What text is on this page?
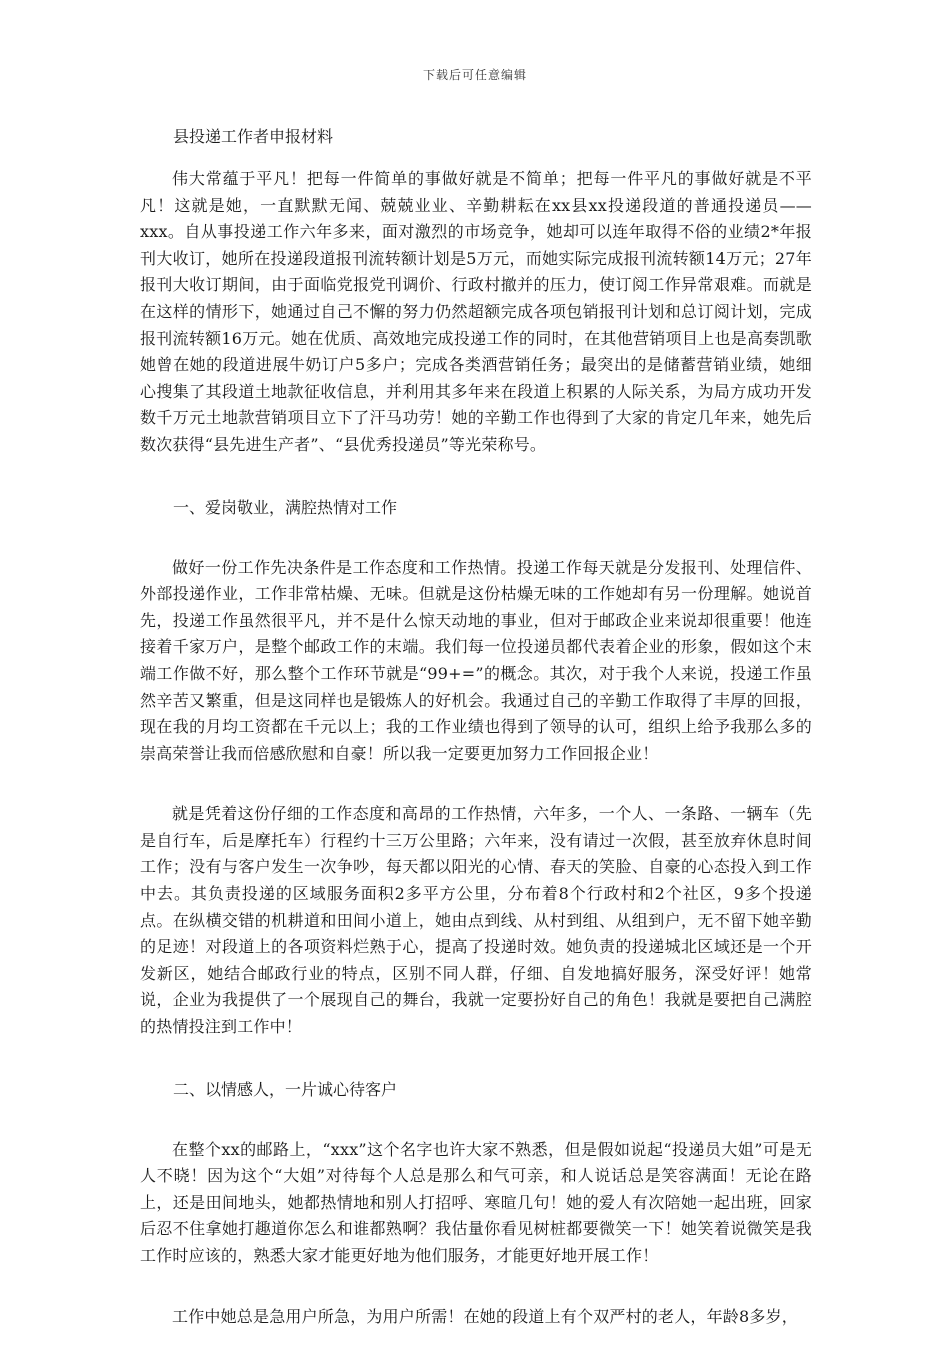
下载后可任意编辑
县投递工作者申报材料

伟大常蕴于平凡！把每一件简单的事做好就是不简单；把每一件平凡的事做好就是不平凡！这就是她，一直默默无闻、兢兢业业、辛勤耕耘在xx县xx投递段道的普通投递员——xxx。自从事投递工作六年多来，面对激烈的市场竞争，她却可以连年取得不俗的业绩2*年报刊大收订，她所在投递段道报刊流转额计划是5万元，而她实际完成报刊流转额14万元；27年报刊大收订期间，由于面临党报党刊调价、行政村撤并的压力，使订阅工作异常艰难。而就是在这样的情形下，她通过自己不懈的努力仍然超额完成各项包销报刊计划和总订阅计划，完成报刊流转额16万元。她在优质、高效地完成投递工作的同时，在其他营销项目上也是高奏凯歌她曾在她的段道进展牛奶订户5多户；完成各类酒营销任务；最突出的是储蓄营销业绩，她细心搜集了其段道土地款征收信息，并利用其多年来在段道上积累的人际关系，为局方成功开发数千万元土地款营销项目立下了汗马功劳！她的辛勤工作也得到了大家的肯定几年来，她先后数次获得“县先进生产者”、“县优秀投递员”等光荣称号。

一、爱岗敬业，满腔热情对工作

做好一份工作先决条件是工作态度和工作热情。投递工作每天就是分发报刊、处理信件、外部投递作业，工作非常枯燥、无味。但就是这份枯燥无味的工作她却有另一份理解。她说首先，投递工作虽然很平凡，并不是什么惊天动地的事业，但对于邮政企业来说却很重要！他连接着千家万户，是整个邮政工作的末端。我们每一位投递员都代表着企业的形象，假如这个末端工作做不好，那么整个工作环节就是“99+=”的概念。其次，对于我个人来说，投递工作虽然辛苦又繁重，但是这同样也是锻炼人的好机会。我通过自己的辛勤工作取得了丰厚的回报，现在我的月均工资都在千元以上；我的工作业绩也得到了领导的认可，组织上给予我那么多的崇高荣誉让我而倍感欣慰和自豪！所以我一定要更加努力工作回报企业！

就是凭着这份仔细的工作态度和高昂的工作热情，六年多，一个人、一条路、一辆车（先是自行车，后是摩托车）行程约十三万公里路；六年来，没有请过一次假，甚至放弃休息时间工作；没有与客户发生一次争吵，每天都以阳光的心情、春天的笑脸、自豪的心态投入到工作中去。其负责投递的区域服务面积2多平方公里，分布着8个行政村和2个社区，9多个投递点。在纵横交错的机耕道和田间小道上，她由点到线、从村到组、从组到户，无不留下她辛勤的足迹！对段道上的各项资料烂熟于心，提高了投递时效。她负责的投递城北区域还是一个开发新区，她结合邮政行业的特点，区别不同人群，仔细、自发地搞好服务，深受好评！她常说，企业为我提供了一个展现自己的舞台，我就一定要扮好自己的角色！我就是要把自己满腔的热情投注到工作中！

二、以情感人，一片诚心待客户

在整个xx的邮路上，“xxx”这个名字也许大家不熟悉，但是假如说起“投递员大姐”可是无人不晓！因为这个“大姐”对待每个人总是那么和气可亲，和人说话总是笑容满面！无论在路上，还是田间地头，她都热情地和别人打招呼、寒暄几句！她的爱人有次陪她一起出班，回家后忍不住拿她打趣道你怎么和谁都熟啊？我估量你看见树桩都要微笑一下！她笑着说微笑是我工作时应该的，熟悉大家才能更好地为他们服务，才能更好地开展工作！

工作中她总是急用户所急，为用户所需！在她的段道上有个双严村的老人，年龄8多岁，
